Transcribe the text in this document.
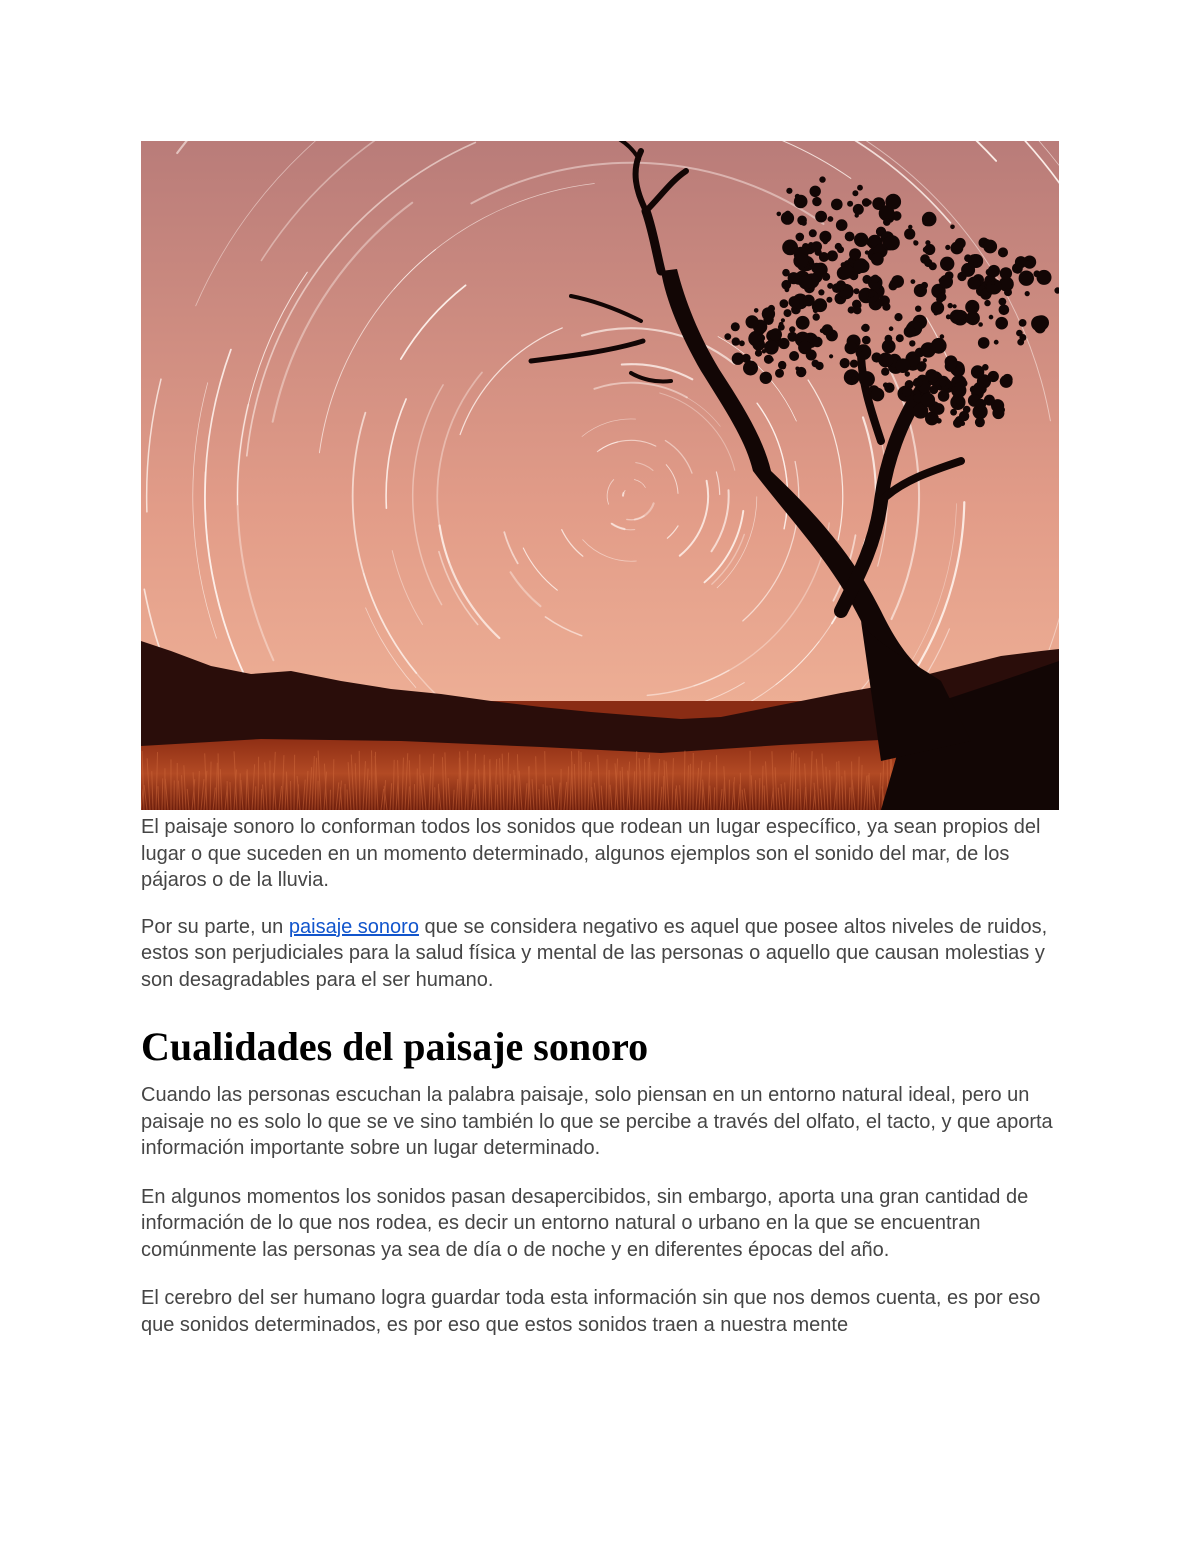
El paisaje sonoro lo conforman todos los sonidos que rodean un lugar específico, ya sean propios del lugar o que suceden en un momento determinado, algunos ejemplos son el sonido del mar, de los pájaros o de la lluvia.

Por su parte, un paisaje sonoro que se considera negativo es aquel que posee altos niveles de ruidos, estos son perjudiciales para la salud física y mental de las personas o aquello que causan molestias y son desagradables para el ser humano.

Cualidades del paisaje sonoro

Cuando las personas escuchan la palabra paisaje, solo piensan en un entorno natural ideal, pero un paisaje no es solo lo que se ve sino también lo que se percibe a través del olfato, el tacto, y que aporta información importante sobre un lugar determinado.

En algunos momentos los sonidos pasan desapercibidos, sin embargo, aporta una gran cantidad de información de lo que nos rodea, es decir un entorno natural o urbano en la que se encuentran comúnmente las personas ya sea de día o de noche y en diferentes épocas del año.

El cerebro del ser humano logra guardar toda esta información sin que nos demos cuenta, es por eso que sonidos determinados, es por eso que estos sonidos traen a nuestra mente
